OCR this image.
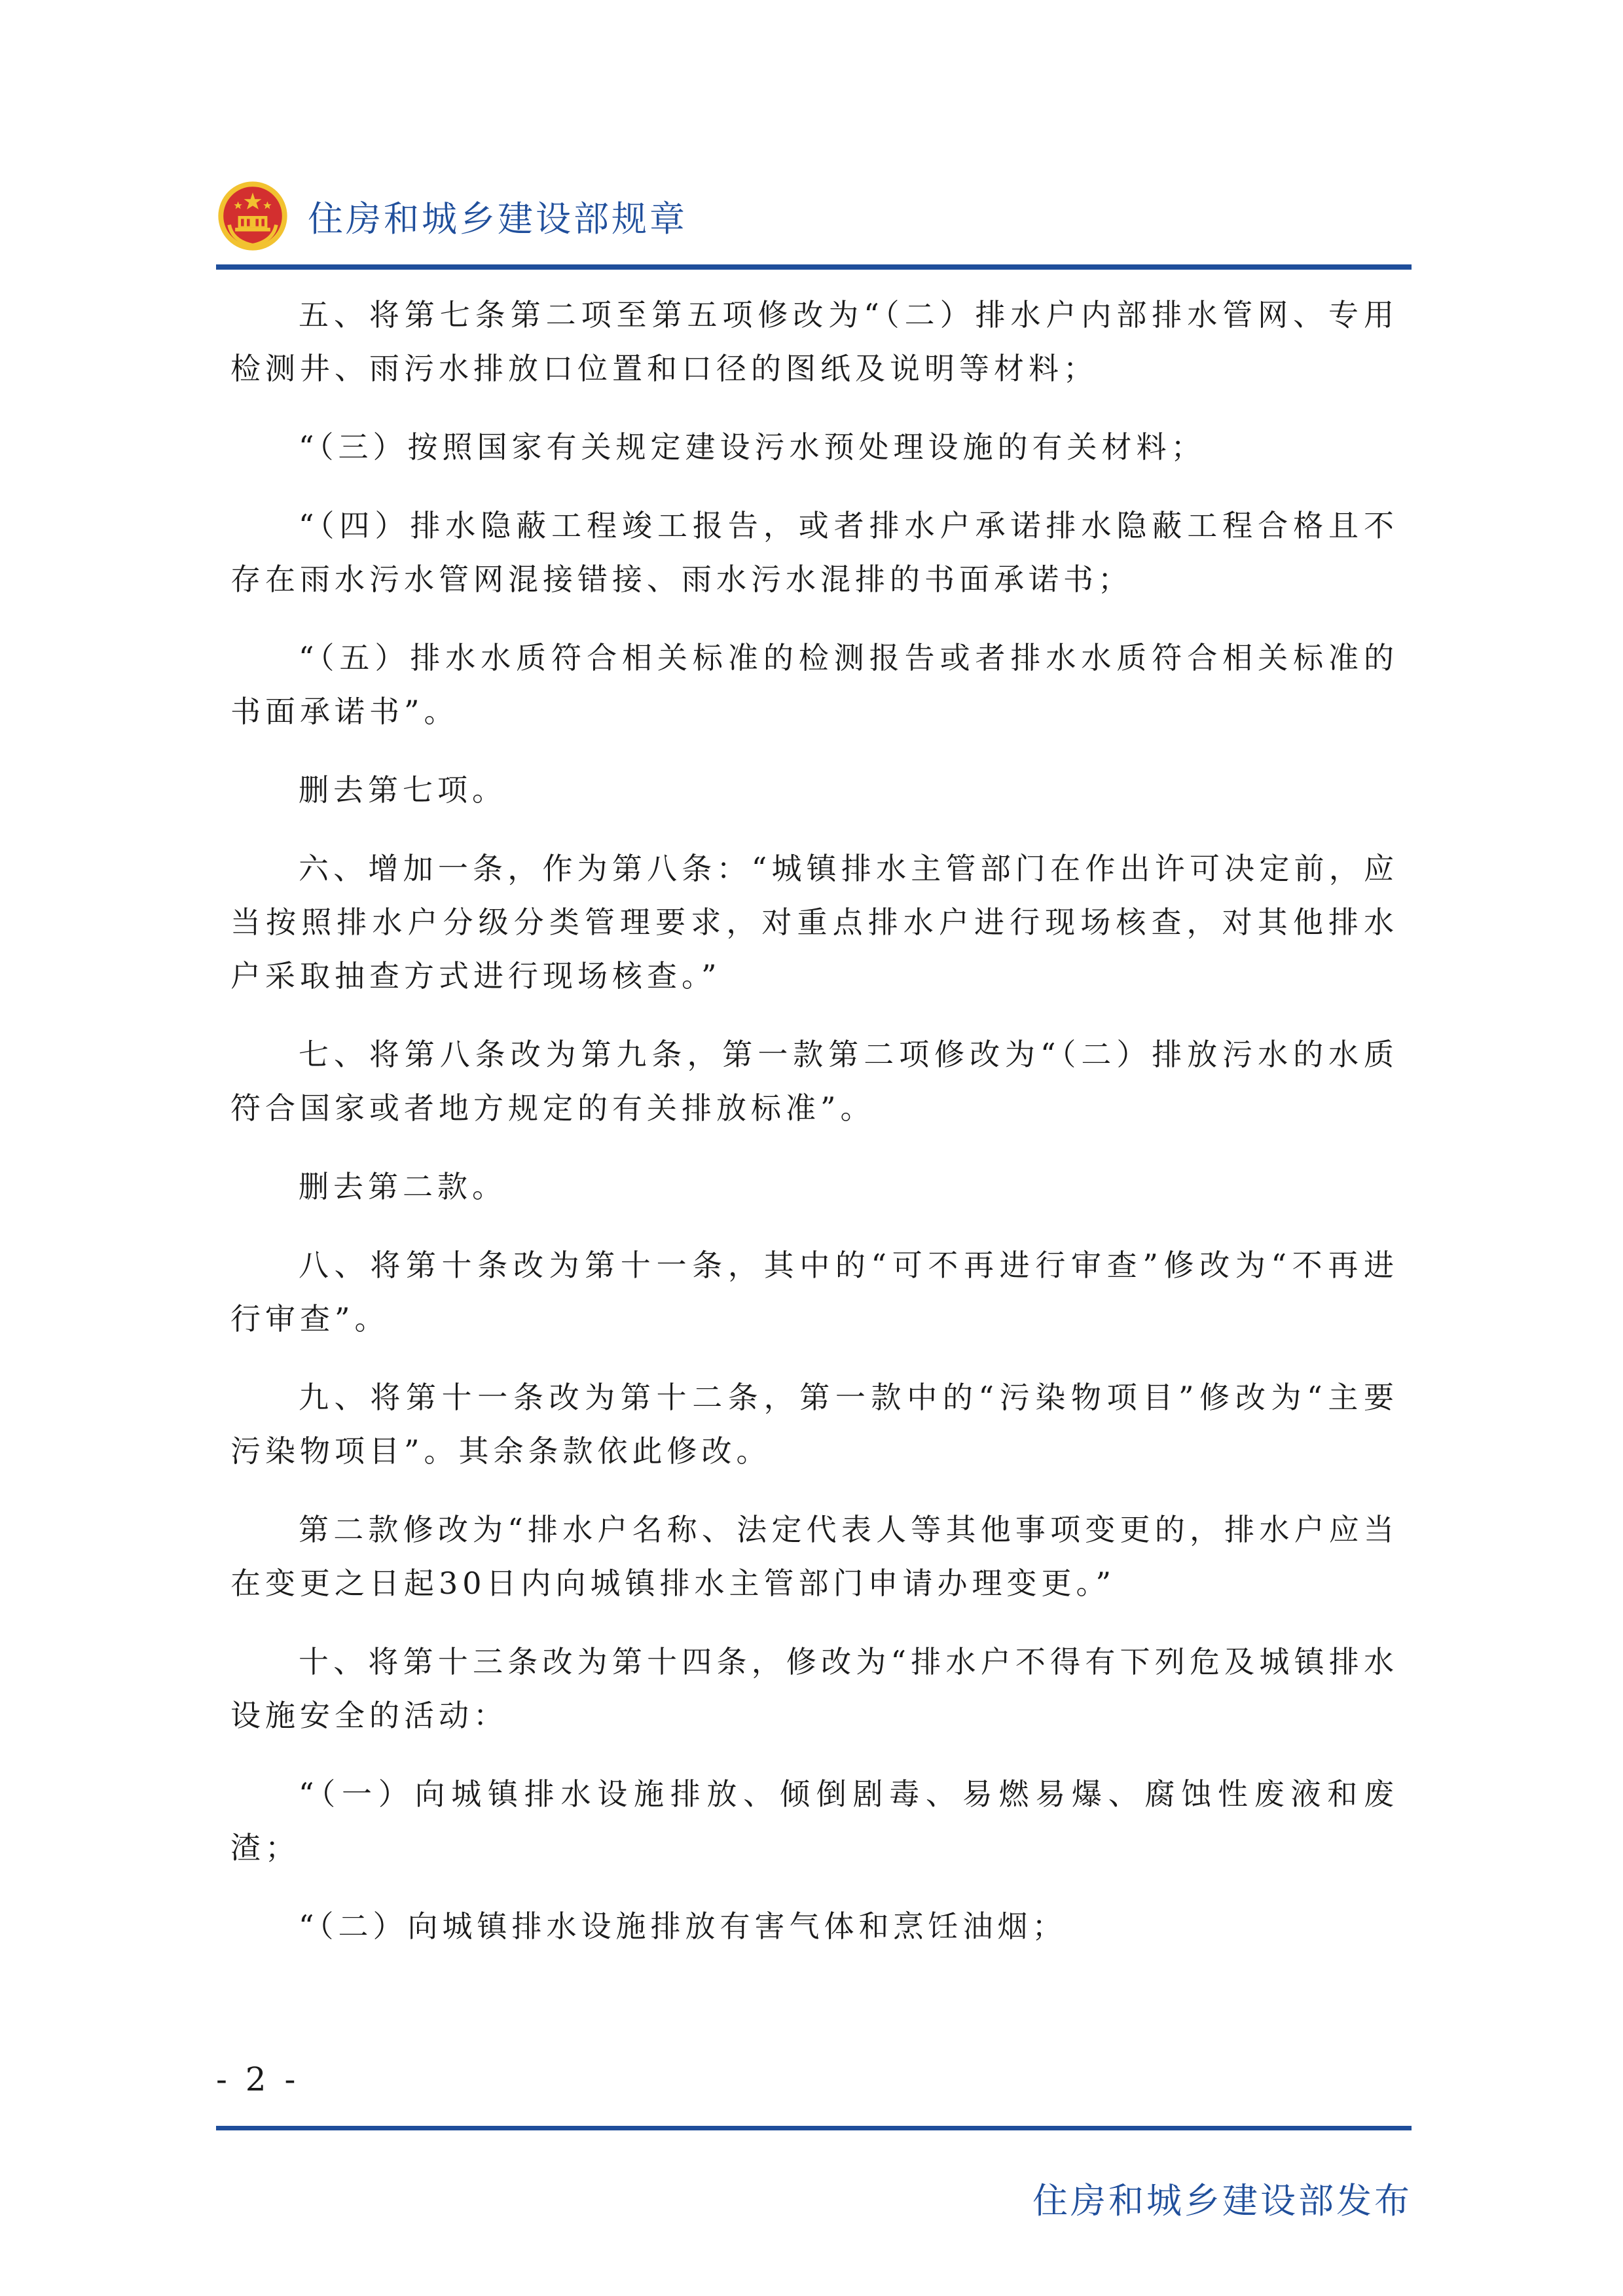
住房和城乡建设部规章

五、将第七条第二项至第五项修改为“（二）排水户内部排水管网、专用检测井、雨污水排放口位置和口径的图纸及说明等材料；

“（三）按照国家有关规定建设污水预处理设施的有关材料；

“（四）排水隐蔽工程竣工报告，或者排水户承诺排水隐蔽工程合格且不存在雨水污水管网混接错接、雨水污水混排的书面承诺书；

“（五）排水水质符合相关标准的检测报告或者排水水质符合相关标准的书面承诺书”。

删去第七项。

六、增加一条，作为第八条：“城镇排水主管部门在作出许可决定前，应当按照排水户分级分类管理要求，对重点排水户进行现场核查，对其他排水户采取抽查方式进行现场核查。”

七、将第八条改为第九条，第一款第二项修改为“（二）排放污水的水质符合国家或者地方规定的有关排放标准”。

删去第二款。

八、将第十条改为第十一条，其中的“可不再进行审查”修改为“不再进行审查”。

九、将第十一条改为第十二条，第一款中的“污染物项目”修改为“主要污染物项目”。其余条款依此修改。

第二款修改为“排水户名称、法定代表人等其他事项变更的，排水户应当在变更之日起30日内向城镇排水主管部门申请办理变更。”

十、将第十三条改为第十四条，修改为“排水户不得有下列危及城镇排水设施安全的活动：

“（一）向城镇排水设施排放、倾倒剧毒、易燃易爆、腐蚀性废液和废渣；

“（二）向城镇排水设施排放有害气体和烹饪油烟；

- 2 -
住房和城乡建设部发布
